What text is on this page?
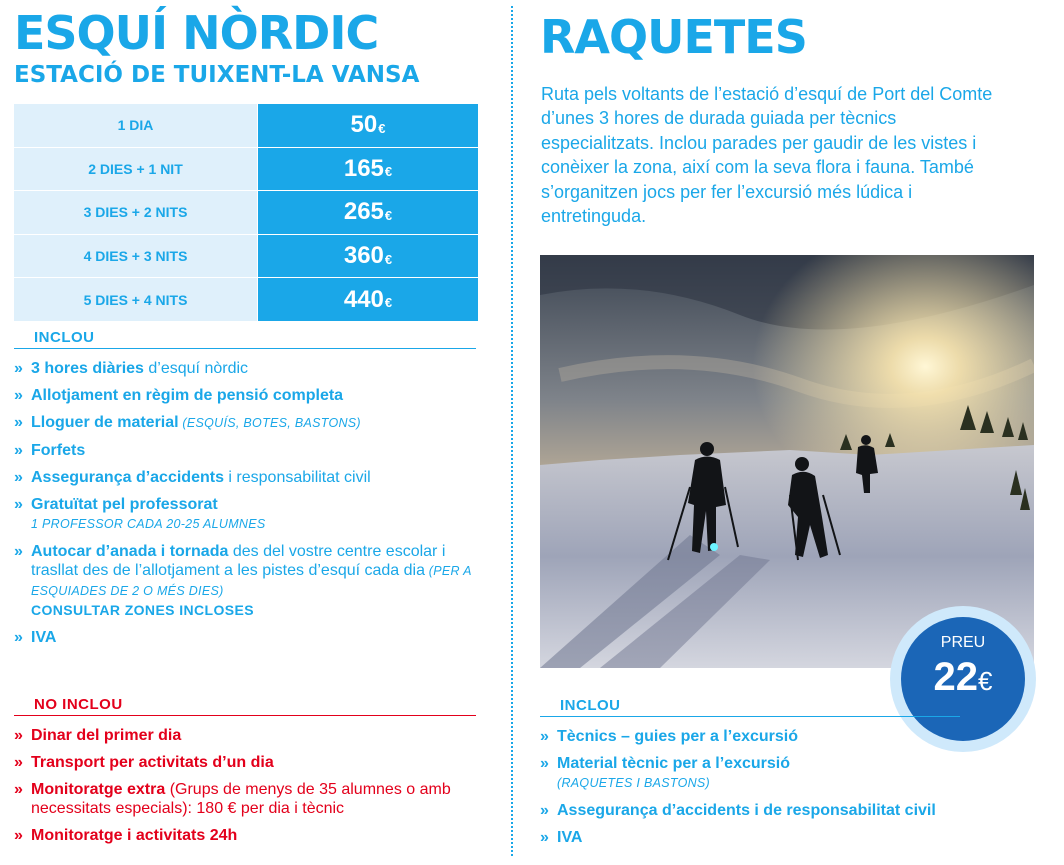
ESQUÍ NÒRDIC
ESTACIÓ DE TUIXENT-LA VANSA
1 DIA	50 €
2 DIES + 1 NIT	165 €
3 DIES + 2 NITS	265 €
4 DIES + 3 NITS	360 €
5 DIES + 4 NITS	440 €
INCLOU
» 3 hores diàries d’esquí nòrdic
» Allotjament en règim de pensió completa
» Lloguer de material (ESQUÍS, BOTES, BASTONS)
» Forfets
» Assegurança d’accidents i responsabilitat civil
» Gratuïtat pel professorat
1 PROFESSOR CADA 20-25 ALUMNES
» Autocar d’anada i tornada des del vostre centre escolar i trasllat des de l’allotjament a les pistes d’esquí cada dia (PER A ESQUIADES DE 2 O MÉS DIES)
CONSULTAR ZONES INCLOSES
» IVA
NO INCLOU
» Dinar del primer dia
» Transport per activitats d’un dia
» Monitoratge extra (Grups de menys de 35 alumnes o amb necessitats especials): 180 € per dia i tècnic
» Monitoratge i activitats 24h
RAQUETES
Ruta pels voltants de l’estació d’esquí de Port del Comte d’unes 3 hores de durada guiada per tècnics especialitzats. Inclou parades per gaudir de les vistes i conèixer la zona, així com la seva flora i fauna. També s’organitzen jocs per fer l’excursió més lúdica i entretinguda.
PREU
22€
INCLOU
» Tècnics – guies per a l’excursió
» Material tècnic per a l’excursió
(RAQUETES I BASTONS)
» Assegurança d’accidents i de responsabilitat civil
» IVA
